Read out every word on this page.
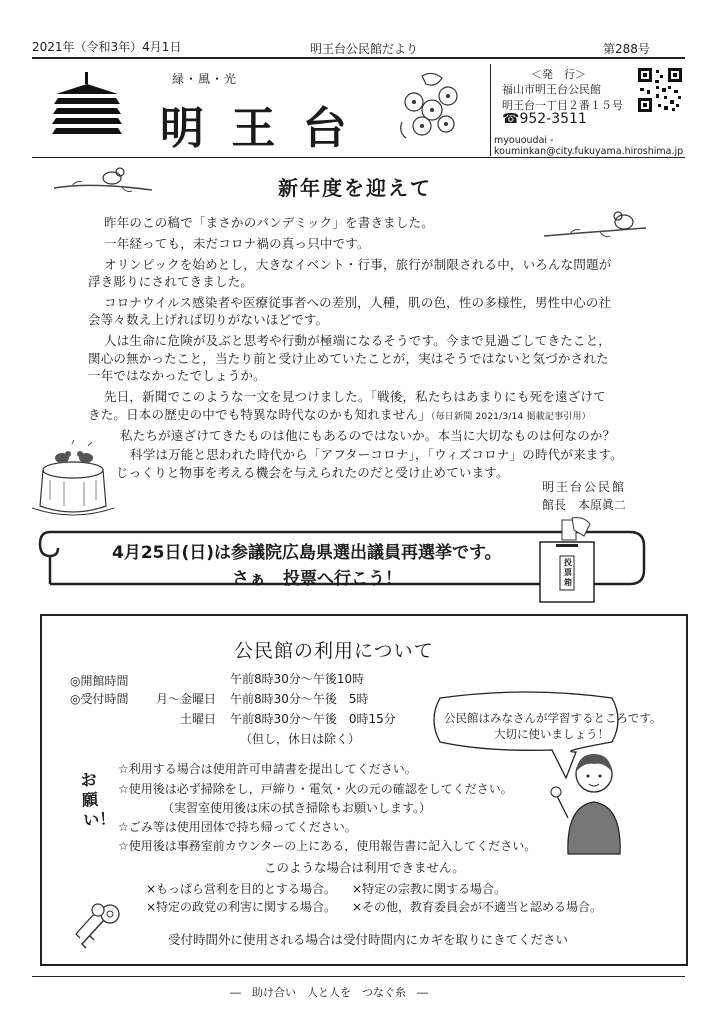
2021年（令和3年）4月1日	明王台公民館だより	第288号
緑・風・光
明 王 台
＜発　行＞
福山市明王台公民館
明王台一丁目２番１５号
☎952-3511
myououdai - kouminkan@city.fukuyama.hiroshima.jp
新年度を迎えて
昨年のこの稿で「まさかのパンデミック」を書きました。
一年経っても，未だコロナ禍の真っ只中です。
オリンピックを始めとし，大きなイベント・行事，旅行が制限される中，いろんな問題が
浮き彫りにされてきました。
コロナウイルス感染者や医療従事者への差別，人種，肌の色，性の多様性，男性中心の社
会等々数え上げれば切りがないほどです。
人は生命に危険が及ぶと思考や行動が極端になるそうです。今まで見過ごしてきたこと，
関心の無かったこと，当たり前と受け止めていたことが，実はそうではないと気づかされた
一年ではなかったでしょうか。
先日，新聞でこのような一文を見つけました。「戦後，私たちはあまりにも死を遠ざけて
きた。日本の歴史の中でも特異な時代なのかも知れません」（毎日新聞 2021/3/14 掲載記事引用）
私たちが遠ざけてきたものは他にもあるのではないか。本当に大切なものは何なのか？
科学は万能と思われた時代から「アフターコロナ」，「ウィズコロナ」の時代が来ます。
じっくりと物事を考える機会を与えられたのだと受け止めています。
明王台公民館
館長　本原眞二
4月25日(日)は参議院広島県選出議員再選挙です。
さぁ　投票へ行こう！
投票箱
公民館の利用について
◎開館時間	午前8時30分～午後10時
◎受付時間 月～金曜日 午前8時30分～午後　5時
土曜日 午前8時30分～午後　0時15分
（但し，休日は除く）
公民館はみなさんが学習するところです。
大切に使いましょう！
お願い！
☆利用する場合は使用許可申請書を提出してください。
☆使用後は必ず掃除をし，戸締り・電気・火の元の確認をしてください。
（実習室使用後は床の拭き掃除もお願いします。）
☆ごみ等は使用団体で持ち帰ってください。
☆使用後は事務室前カウンターの上にある，使用報告書に記入してください。
このような場合は利用できません。
×もっぱら営利を目的とする場合。 ×特定の宗教に関する場合。
×特定の政党の利害に関する場合。 ×その他，教育委員会が不適当と認める場合。
受付時間外に使用される場合は受付時間内にカギを取りにきてください
―　助け合い　人と人を　つなぐ糸　―
